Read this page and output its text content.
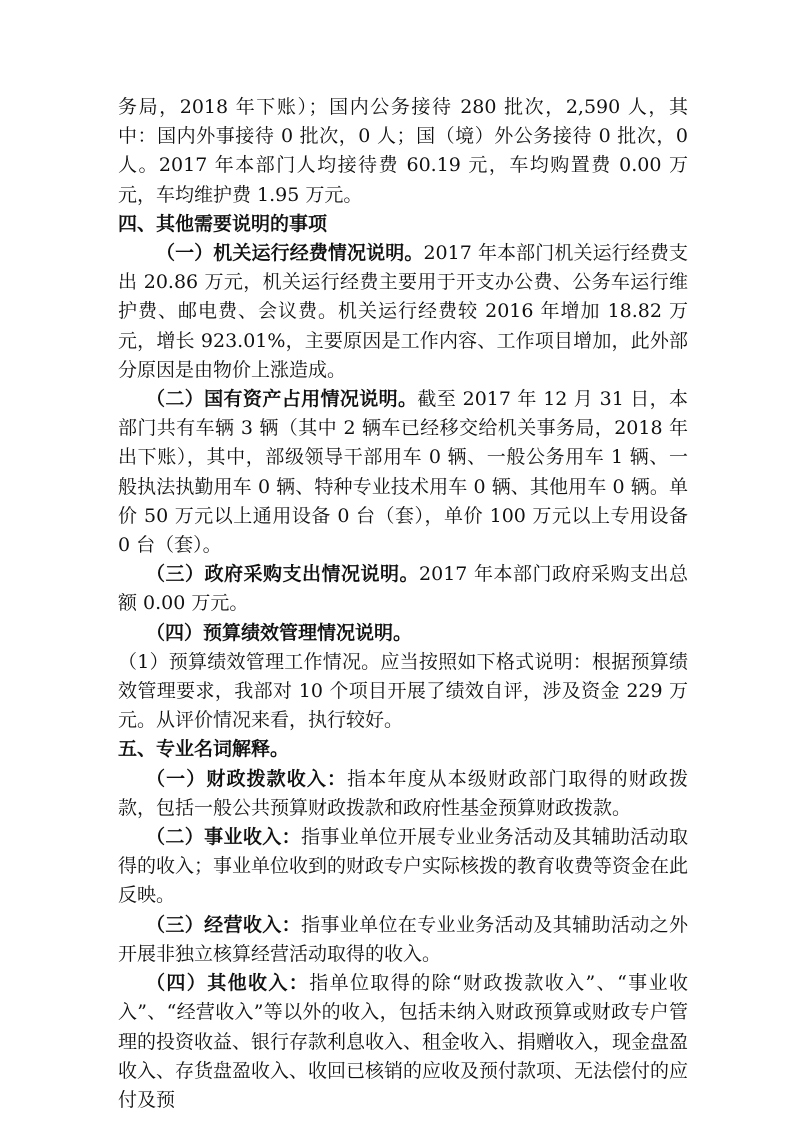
务局，2018 年下账）；国内公务接待 280 批次，2,590 人，其中：国内外事接待 0 批次，0 人；国（境）外公务接待 0 批次，0 人。2017 年本部门人均接待费 60.19 元，车均购置费 0.00 万元，车均维护费 1.95 万元。

四、其他需要说明的事项

（一）机关运行经费情况说明。2017 年本部门机关运行经费支出 20.86 万元，机关运行经费主要用于开支办公费、公务车运行维护费、邮电费、会议费。机关运行经费较 2016 年增加 18.82 万元，增长 923.01%，主要原因是工作内容、工作项目增加，此外部分原因是由物价上涨造成。

（二）国有资产占用情况说明。截至 2017 年 12 月 31 日，本部门共有车辆 3 辆（其中 2 辆车已经移交给机关事务局，2018 年出下账），其中，部级领导干部用车 0 辆、一般公务用车 1 辆、一般执法执勤用车 0 辆、特种专业技术用车 0 辆、其他用车 0 辆。单价 50 万元以上通用设备 0 台（套），单价 100 万元以上专用设备 0 台（套）。

（三）政府采购支出情况说明。2017 年本部门政府采购支出总额 0.00 万元。

（四）预算绩效管理情况说明。

（1）预算绩效管理工作情况。应当按照如下格式说明：根据预算绩效管理要求，我部对 10 个项目开展了绩效自评，涉及资金 229 万元。从评价情况来看，执行较好。

五、专业名词解释。

（一）财政拨款收入：指本年度从本级财政部门取得的财政拨款，包括一般公共预算财政拨款和政府性基金预算财政拨款。

（二）事业收入：指事业单位开展专业业务活动及其辅助活动取得的收入；事业单位收到的财政专户实际核拨的教育收费等资金在此反映。

（三）经营收入：指事业单位在专业业务活动及其辅助活动之外开展非独立核算经营活动取得的收入。

（四）其他收入：指单位取得的除“财政拨款收入”、“事业收入”、“经营收入”等以外的收入，包括未纳入财政预算或财政专户管理的投资收益、银行存款利息收入、租金收入、捐赠收入，现金盘盈收入、存货盘盈收入、收回已核销的应收及预付款项、无法偿付的应付及预
